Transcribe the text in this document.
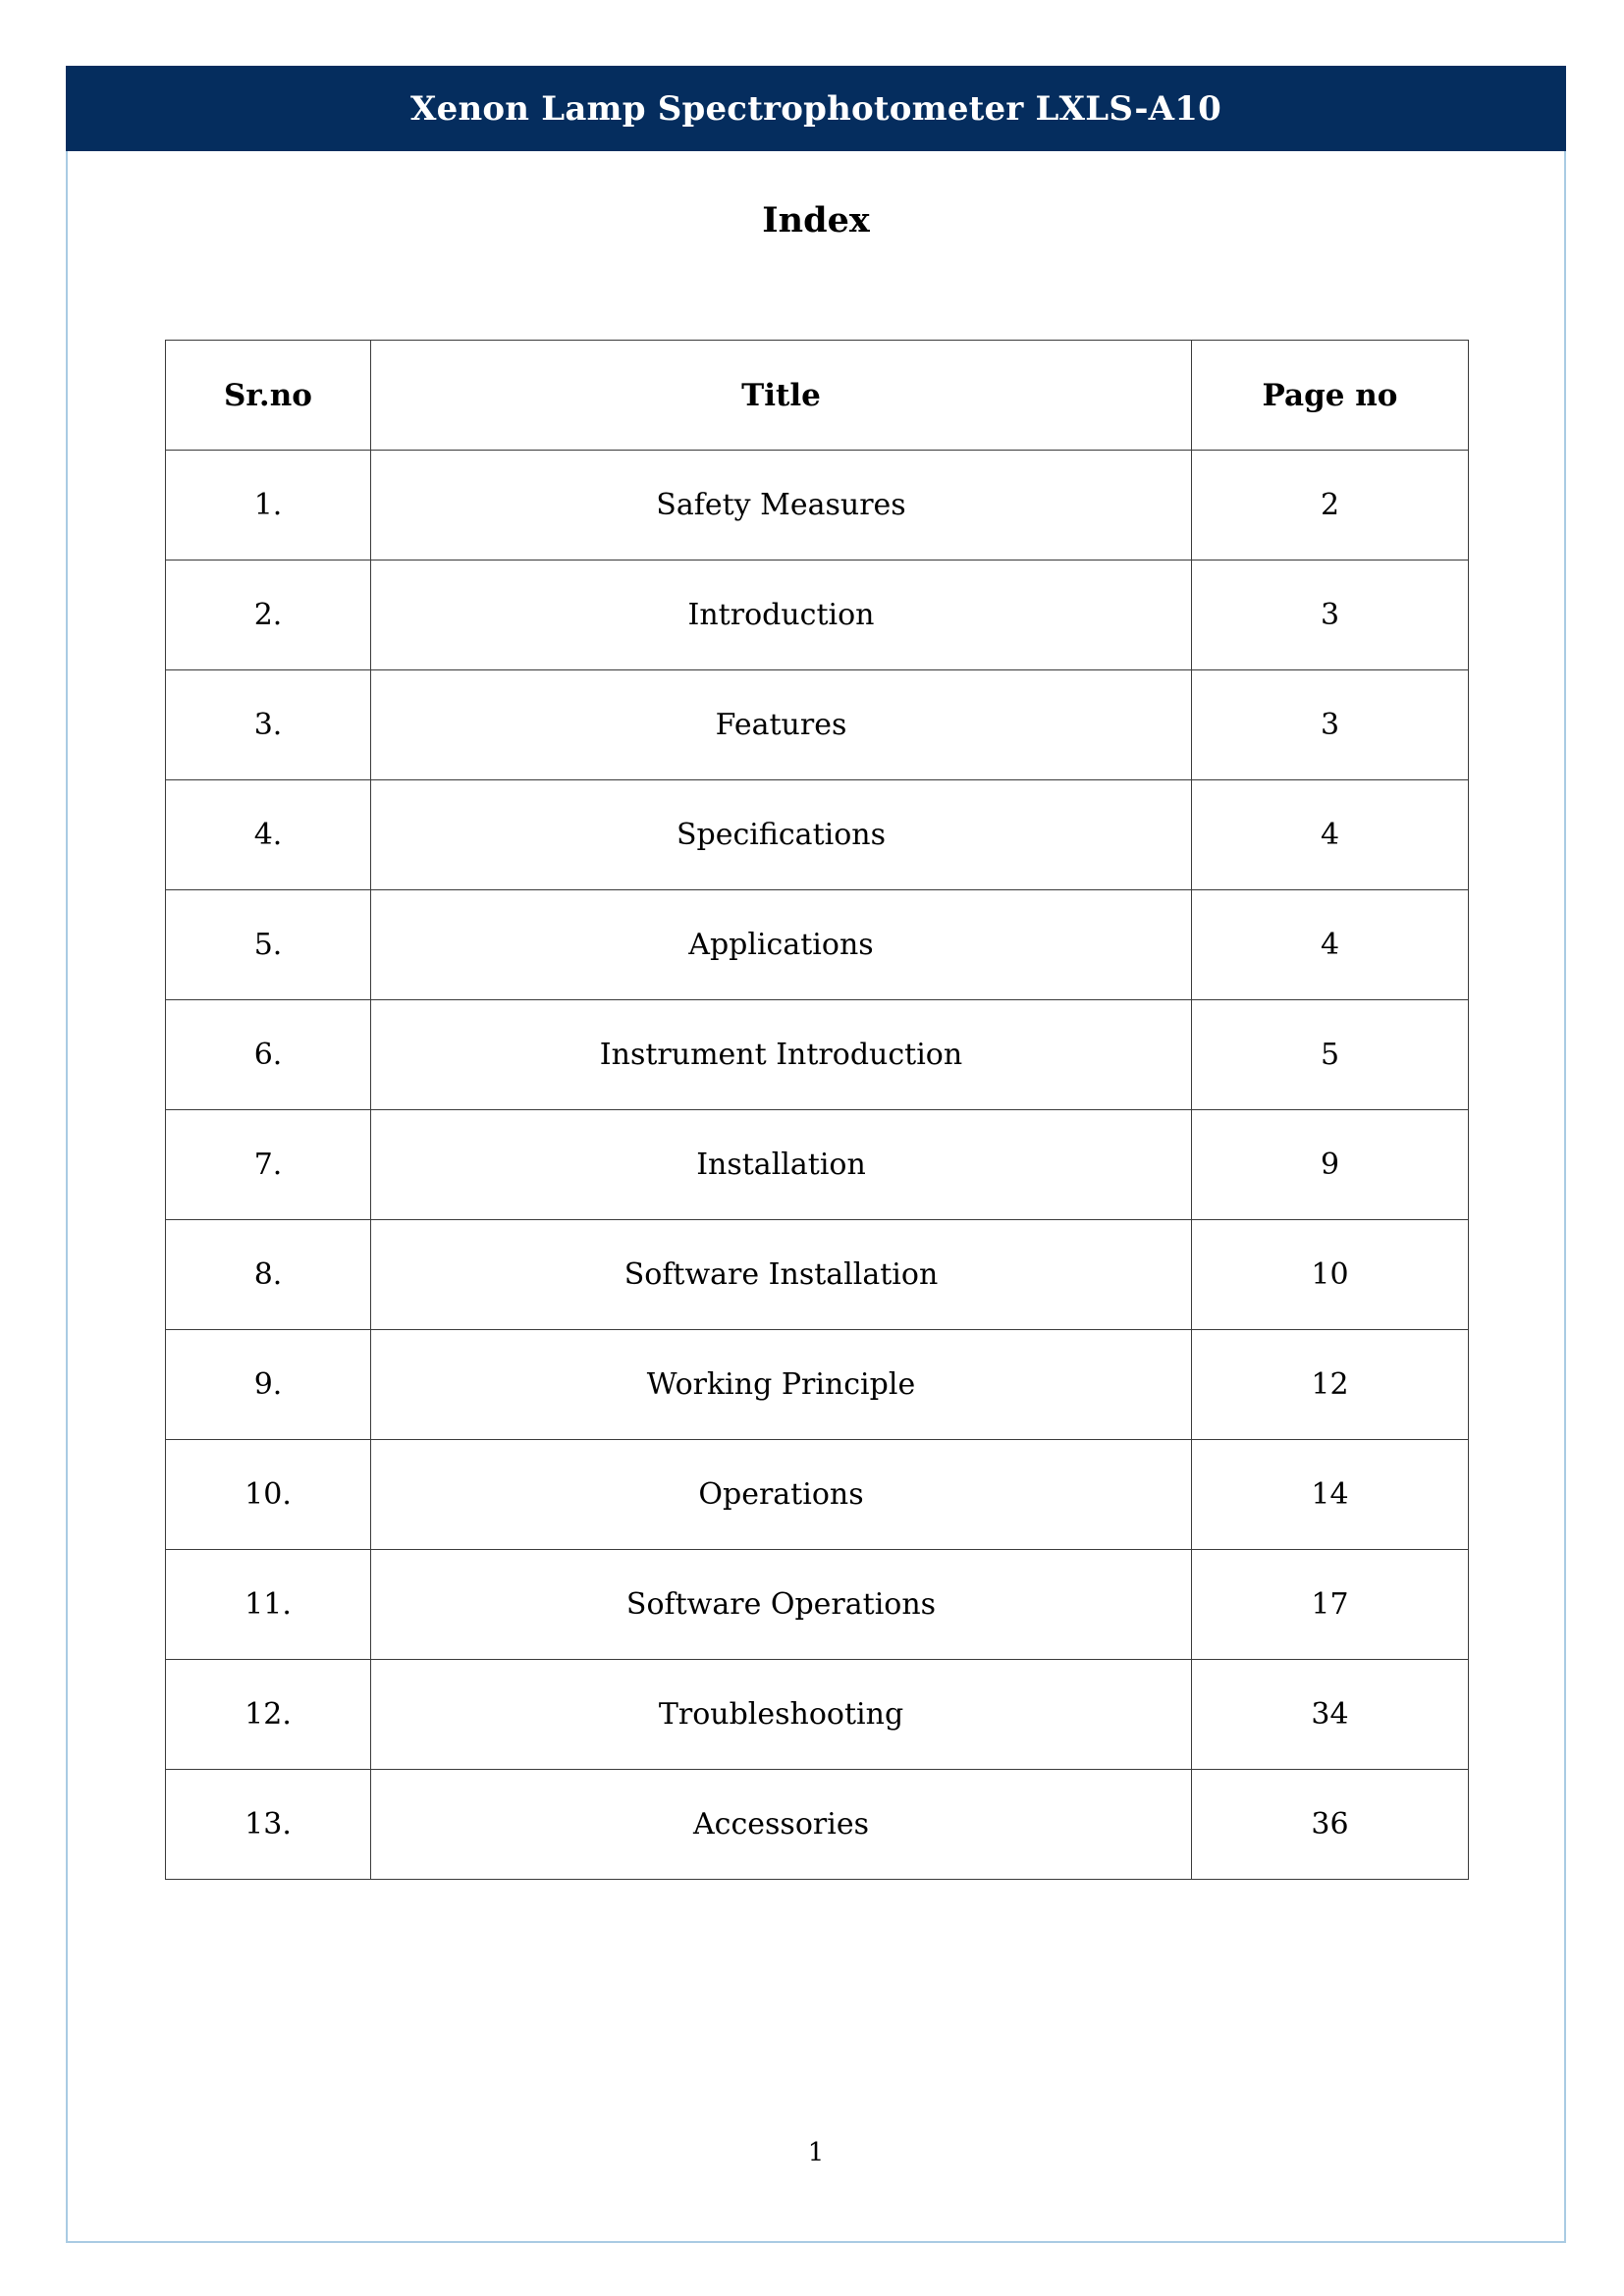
Xenon Lamp Spectrophotometer LXLS-A10
Index
Sr.no	Title	Page no
1.	Safety Measures	2
2.	Introduction	3
3.	Features	3
4.	Specifications	4
5.	Applications	4
6.	Instrument Introduction	5
7.	Installation	9
8.	Software Installation	10
9.	Working Principle	12
10.	Operations	14
11.	Software Operations	17
12.	Troubleshooting	34
13.	Accessories	36
1
